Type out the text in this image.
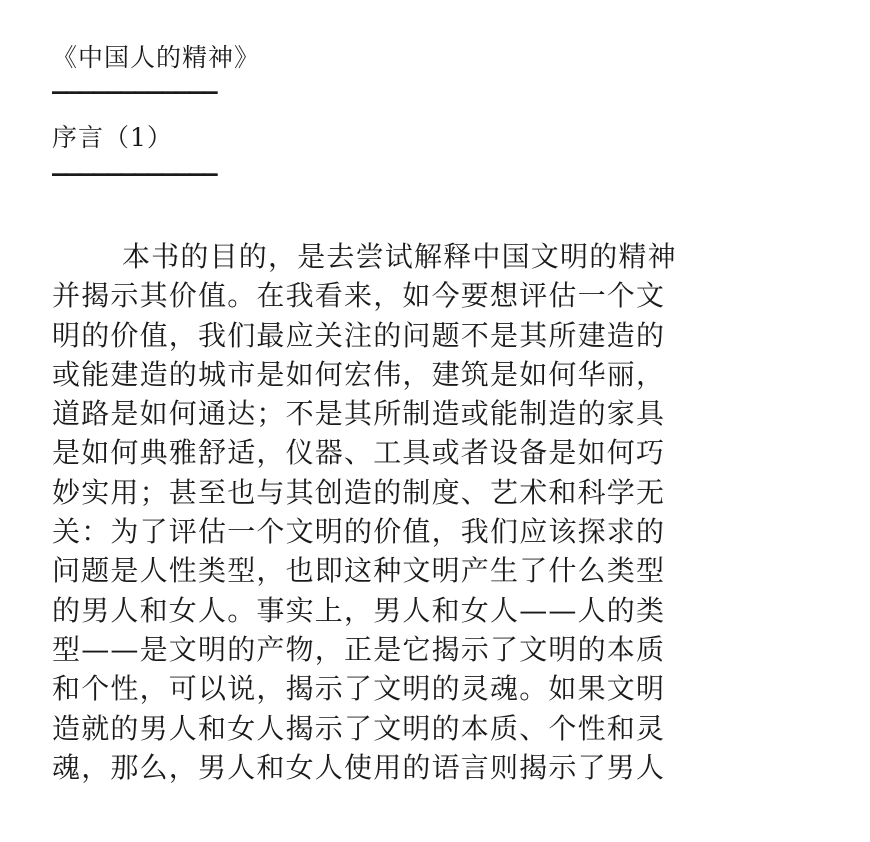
《中国人的精神》
————————————
序言（1）
————————————
本书的目的，是去尝试解释中国文明的精神
并揭示其价值。在我看来，如今要想评估一个文
明的价值，我们最应关注的问题不是其所建造的
或能建造的城市是如何宏伟，建筑是如何华丽，
道路是如何通达；不是其所制造或能制造的家具
是如何典雅舒适，仪器、工具或者设备是如何巧
妙实用；甚至也与其创造的制度、艺术和科学无
关：为了评估一个文明的价值，我们应该探求的
问题是人性类型，也即这种文明产生了什么类型
的男人和女人。事实上，男人和女人——人的类
型——是文明的产物，正是它揭示了文明的本质
和个性，可以说，揭示了文明的灵魂。如果文明
造就的男人和女人揭示了文明的本质、个性和灵
魂，那么，男人和女人使用的语言则揭示了男人
